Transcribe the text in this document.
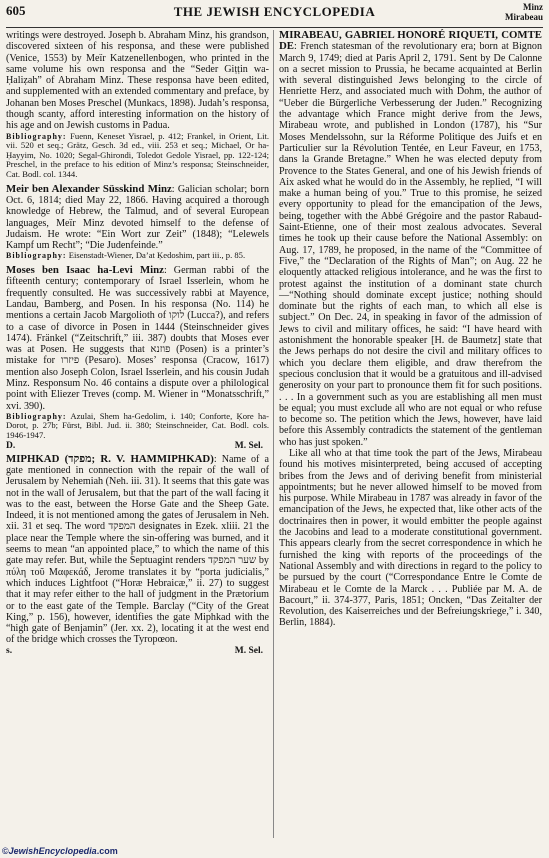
605	THE JEWISH ENCYCLOPEDIA	Minz
Mirabeau

writings were destroyed. Joseph b. Abraham Minz, his grandson, discovered sixteen of his responsa, and these were published (Venice, 1553) by Meïr Katzenellenbogen, who printed in the same volume his own responsa and the “Seder Giṭṭin wa-Ḥaliẓah” of Abraham Minz. These responsa have been edited, and supplemented with an extended commentary and preface, by Johanan ben Moses Preschel (Munkacs, 1898). Judah’s responsa, though scanty, afford interesting information on the history of his age and on Jewish customs in Padua.

Bibliography: Fuenn, Keneset Yisrael, p. 412; Frankel, in Orient, Lit. vii. 520 et seq.; Grätz, Gesch. 3d ed., viii. 253 et seq.; Michael, Or ha-Ḥayyim, No. 1020; Segal-Ghirondi, Toledot Gedole Yisrael, pp. 122-124; Preschel, in the preface to his edition of Minz’s responsa; Steinschneider, Cat. Bodl. col. 1344.

Meir ben Alexander Süsskind Minz: Galician scholar; born Oct. 6, 1814; died May 22, 1866. Having acquired a thorough knowledge of Hebrew, the Talmud, and of several European languages, Meïr Minz devoted himself to the defense of Judaism. He wrote: “Ein Wort zur Zeit” (1848); “Lelewels Kampf um Recht”; “Die Judenfeinde.”

Bibliography: Eisenstadt-Wiener, Da’at Ḳedoshim, part iii., p. 85.

Moses ben Isaac ha-Levi Minz: German rabbi of the fifteenth century; contemporary of Israel Isserlein, whom he frequently consulted. He was successively rabbi at Mayence, Landau, Bamberg, and Posen. In his responsa (No. 114) he mentions a certain Jacob Margolioth of לוקו (Lucca?), and refers to a case of divorce in Posen in 1444 (Steinschneider gives 1474). Fränkel (“Zeitschrift,” iii. 387) doubts that Moses ever was at Posen. He suggests that פוזנא (Posen) is a printer’s mistake for פיזרו (Pesaro). Moses’ responsa (Cracow, 1617) mention also Joseph Colon, Israel Isserlein, and his cousin Judah Minz. Responsum No. 46 contains a dispute over a philological point with Eliezer Treves (comp. M. Wiener in “Monatsschrift,” xvi. 390).

Bibliography: Azulai, Shem ha-Gedolim, i. 140; Conforte, Ḳore ha-Dorot, p. 27b; Fürst, Bibl. Jud. ii. 380; Steinschneider, Cat. Bodl. cols. 1946-1947.

D.	M. Sel.

MIPHKAD (מפקד; R. V. HAMMIPHKAD): Name of a gate mentioned in connection with the repair of the wall of Jerusalem by Nehemiah (Neh. iii. 31). It seems that this gate was not in the wall of Jerusalem, but that the part of the wall facing it was to the east, between the Horse Gate and the Sheep Gate. Indeed, it is not mentioned among the gates of Jerusalem in Neh. xii. 31 et seq. The word המפקד designates in Ezek. xliii. 21 the place near the Temple where the sin-offering was burned, and it seems to mean “an appointed place,” to which the name of this gate may refer. But, while the Septuagint renders שער המפקד by πύλη τοῦ Μαφεκάδ, Jerome translates it by “porta judicialis,” which induces Lightfoot (“Horæ Hebraicæ,” ii. 27) to suggest that it may refer either to the hall of judgment in the Prætorium or to the east gate of the Temple. Barclay (“City of the Great King,” p. 156), however, identifies the gate Miphkad with the “high gate of Benjamin” (Jer. xx. 2), locating it at the west end of the bridge which crosses the Tyropœon.

s.	M. Sel.

MIRABEAU, GABRIEL HONORÉ RIQUETI, COMTE DE: French statesman of the revolutionary era; born at Bignon March 9, 1749; died at Paris April 2, 1791. Sent by De Calonne on a secret mission to Prussia, he became acquainted at Berlin with several distinguished Jews belonging to the circle of Henriette Herz, and associated much with Dohm, the author of “Ueber die Bürgerliche Verbesserung der Juden.” Recognizing the advantage which France might derive from the Jews, Mirabeau wrote, and published in London (1787), his “Sur Moses Mendelssohn, sur la Réforme Politique des Juifs et en Particulier sur la Révolution Tentée, en Leur Faveur, en 1753, dans la Grande Bretagne.” When he was elected deputy from Provence to the States General, and one of his Jewish friends of Aix asked what he would do in the Assembly, he replied, “I will make a human being of you.” True to this promise, he seized every opportunity to plead for the emancipation of the Jews, being, together with the Abbé Grégoire and the pastor Rabaud-Saint-Etienne, one of their most zealous advocates. Several times he took up their cause before the National Assembly: on Aug. 17, 1789, he proposed, in the name of the “Committee of Five,” the “Declaration of the Rights of Man”; on Aug. 22 he eloquently attacked religious intolerance, and he was the first to protest against the institution of a dominant state church—“Nothing should dominate except justice; nothing should dominate but the rights of each man, to which all else is subject.” On Dec. 24, in speaking in favor of the admission of Jews to civil and military offices, he said: “I have heard with astonishment the honorable speaker [H. de Baumetz] state that the Jews perhaps do not desire the civil and military offices to which you declare them eligible, and draw therefrom the specious conclusion that it would be a gratuitous and ill-advised generosity on your part to pronounce them fit for such positions. . . . In a government such as you are establishing all men must be equal; you must exclude all who are not equal or who refuse to become so. The petition which the Jews, however, have laid before this Assembly contradicts the statement of the gentleman who has just spoken.”

Like all who at that time took the part of the Jews, Mirabeau found his motives misinterpreted, being accused of accepting bribes from the Jews and of deriving benefit from ministerial appointments; but he never allowed himself to be moved from his purpose. While Mirabeau in 1787 was already in favor of the emancipation of the Jews, he expected that, like other acts of the doctrinaires then in power, it would embitter the people against the Jacobins and lead to a moderate constitutional government. This appears clearly from the secret correspondence in which he furnished the king with reports of the proceedings of the National Assembly and with directions in regard to the policy to be pursued by the court (“Correspondance Entre le Comte de Mirabeau et le Comte de la Marck . . . Publiée par M. A. de Bacourt,” ii. 374-377, Paris, 1851; Oncken, “Das Zeitalter der Revolution, des Kaiserreiches und der Befreiungskriege,” i. 340, Berlin, 1884).

©JewishEncyclopedia.com
